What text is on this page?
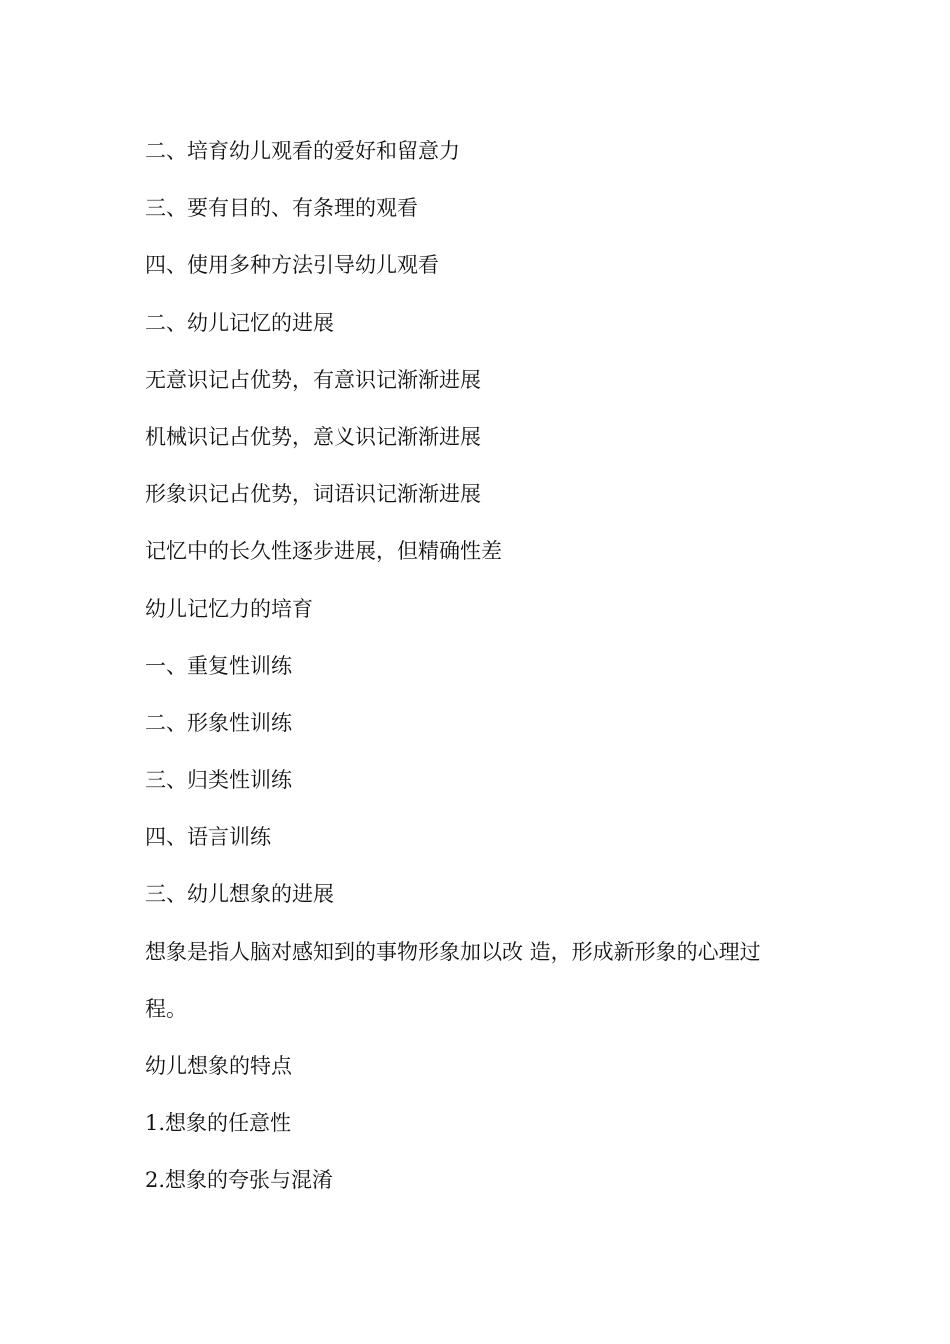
二、培育幼儿观看的爱好和留意力

三、要有目的、有条理的观看

四、使用多种方法引导幼儿观看

二、幼儿记忆的进展

无意识记占优势，有意识记渐渐进展

机械识记占优势，意义识记渐渐进展

形象识记占优势，词语识记渐渐进展

记忆中的长久性逐步进展，但精确性差

幼儿记忆力的培育

一、重复性训练

二、形象性训练

三、归类性训练

四、语言训练

三、幼儿想象的进展

想象是指人脑对感知到的事物形象加以改 造，形成新形象的心理过
程。

幼儿想象的特点

1.想象的任意性

2.想象的夸张与混淆
